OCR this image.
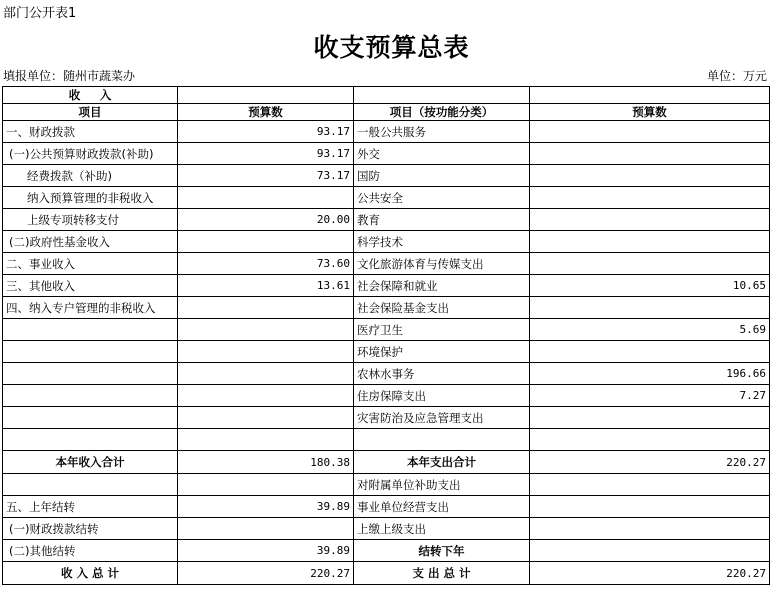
部门公开表1
收支预算总表
填报单位：随州市蔬菜办	单位：万元
收 　 入			
项目	预算数	项目（按功能分类）	预算数
一、财政拨款	93.17	一般公共服务	
(一)公共预算财政拨款(补助)	93.17	外交	
经费拨款（补助)	73.17	国防	
纳入预算管理的非税收入		公共安全	
上级专项转移支付	20.00	教育	
(二)政府性基金收入		科学技术	
二、事业收入	73.60	文化旅游体育与传媒支出	
三、其他收入	13.61	社会保障和就业	10.65
四、纳入专户管理的非税收入		社会保险基金支出	
		医疗卫生	5.69
		环境保护	
		农林水事务	196.66
		住房保障支出	7.27
		灾害防治及应急管理支出	

本年收入合计	180.38	本年支出合计	220.27
		对附属单位补助支出	
五、上年结转	39.89	事业单位经营支出	
(一)财政拨款结转		上缴上级支出	
(二)其他结转	39.89	结转下年	
收 入 总 计	220.27	支 出 总 计	220.27
